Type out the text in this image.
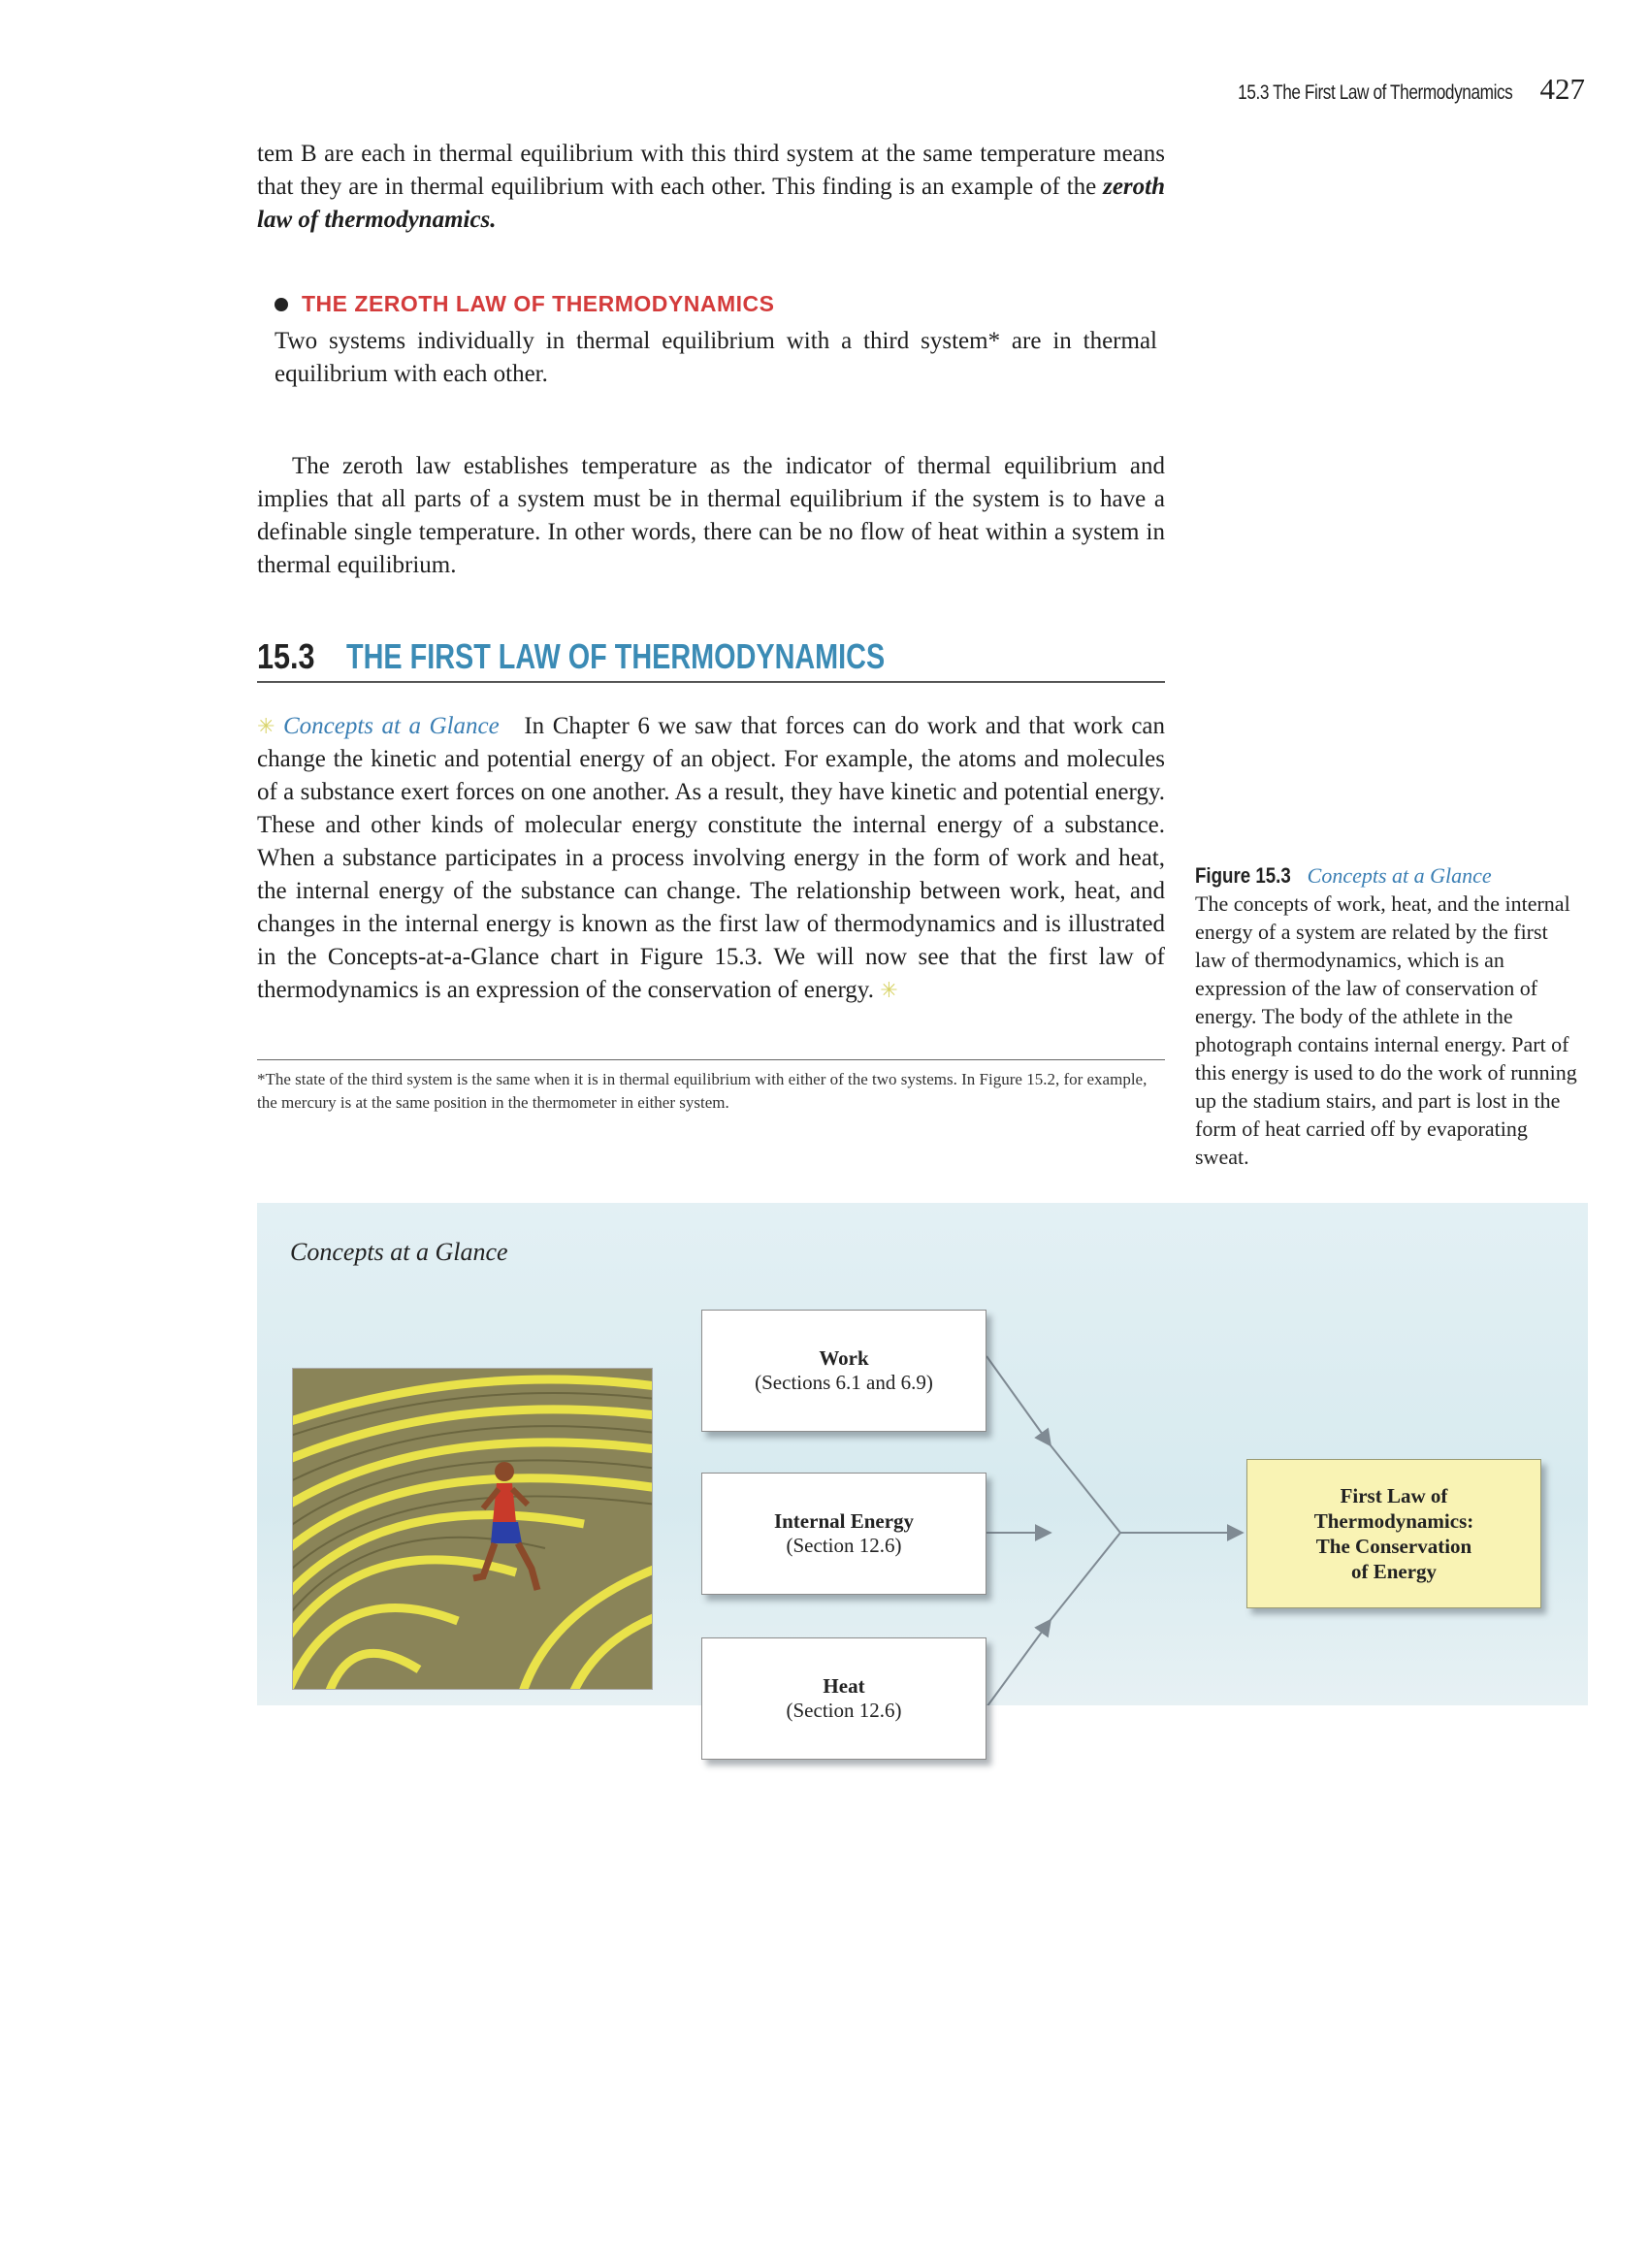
15.3 The First Law of Thermodynamics 427

tem B are each in thermal equilibrium with this third system at the same temperature means that they are in thermal equilibrium with each other. This finding is an example of the zeroth law of thermodynamics.

THE ZEROTH LAW OF THERMODYNAMICS

Two systems individually in thermal equilibrium with a third system* are in thermal equilibrium with each other.

The zeroth law establishes temperature as the indicator of thermal equilibrium and implies that all parts of a system must be in thermal equilibrium if the system is to have a definable single temperature. In other words, there can be no flow of heat within a system in thermal equilibrium.

15.3 THE FIRST LAW OF THERMODYNAMICS

✳ Concepts at a Glance In Chapter 6 we saw that forces can do work and that work can change the kinetic and potential energy of an object. For example, the atoms and molecules of a substance exert forces on one another. As a result, they have kinetic and potential energy. These and other kinds of molecular energy constitute the internal energy of a substance. When a substance participates in a process involving energy in the form of work and heat, the internal energy of the substance can change. The relationship between work, heat, and changes in the internal energy is known as the first law of thermodynamics and is illustrated in the Concepts-at-a-Glance chart in Figure 15.3. We will now see that the first law of thermodynamics is an expression of the conservation of energy. ✳

*The state of the third system is the same when it is in thermal equilibrium with either of the two systems. In Figure 15.2, for example, the mercury is at the same position in the thermometer in either system.

Figure 15.3 Concepts at a Glance
The concepts of work, heat, and the internal energy of a system are related by the first law of thermodynamics, which is an expression of the law of conservation of energy. The body of the athlete in the photograph contains internal energy. Part of this energy is used to do the work of running up the stadium stairs, and part is lost in the form of heat carried off by evaporating sweat.

Concepts at a Glance
Work
(Sections 6.1 and 6.9)
Internal Energy
(Section 12.6)
Heat
(Section 12.6)
First Law of
Thermodynamics:
The Conservation
of Energy
